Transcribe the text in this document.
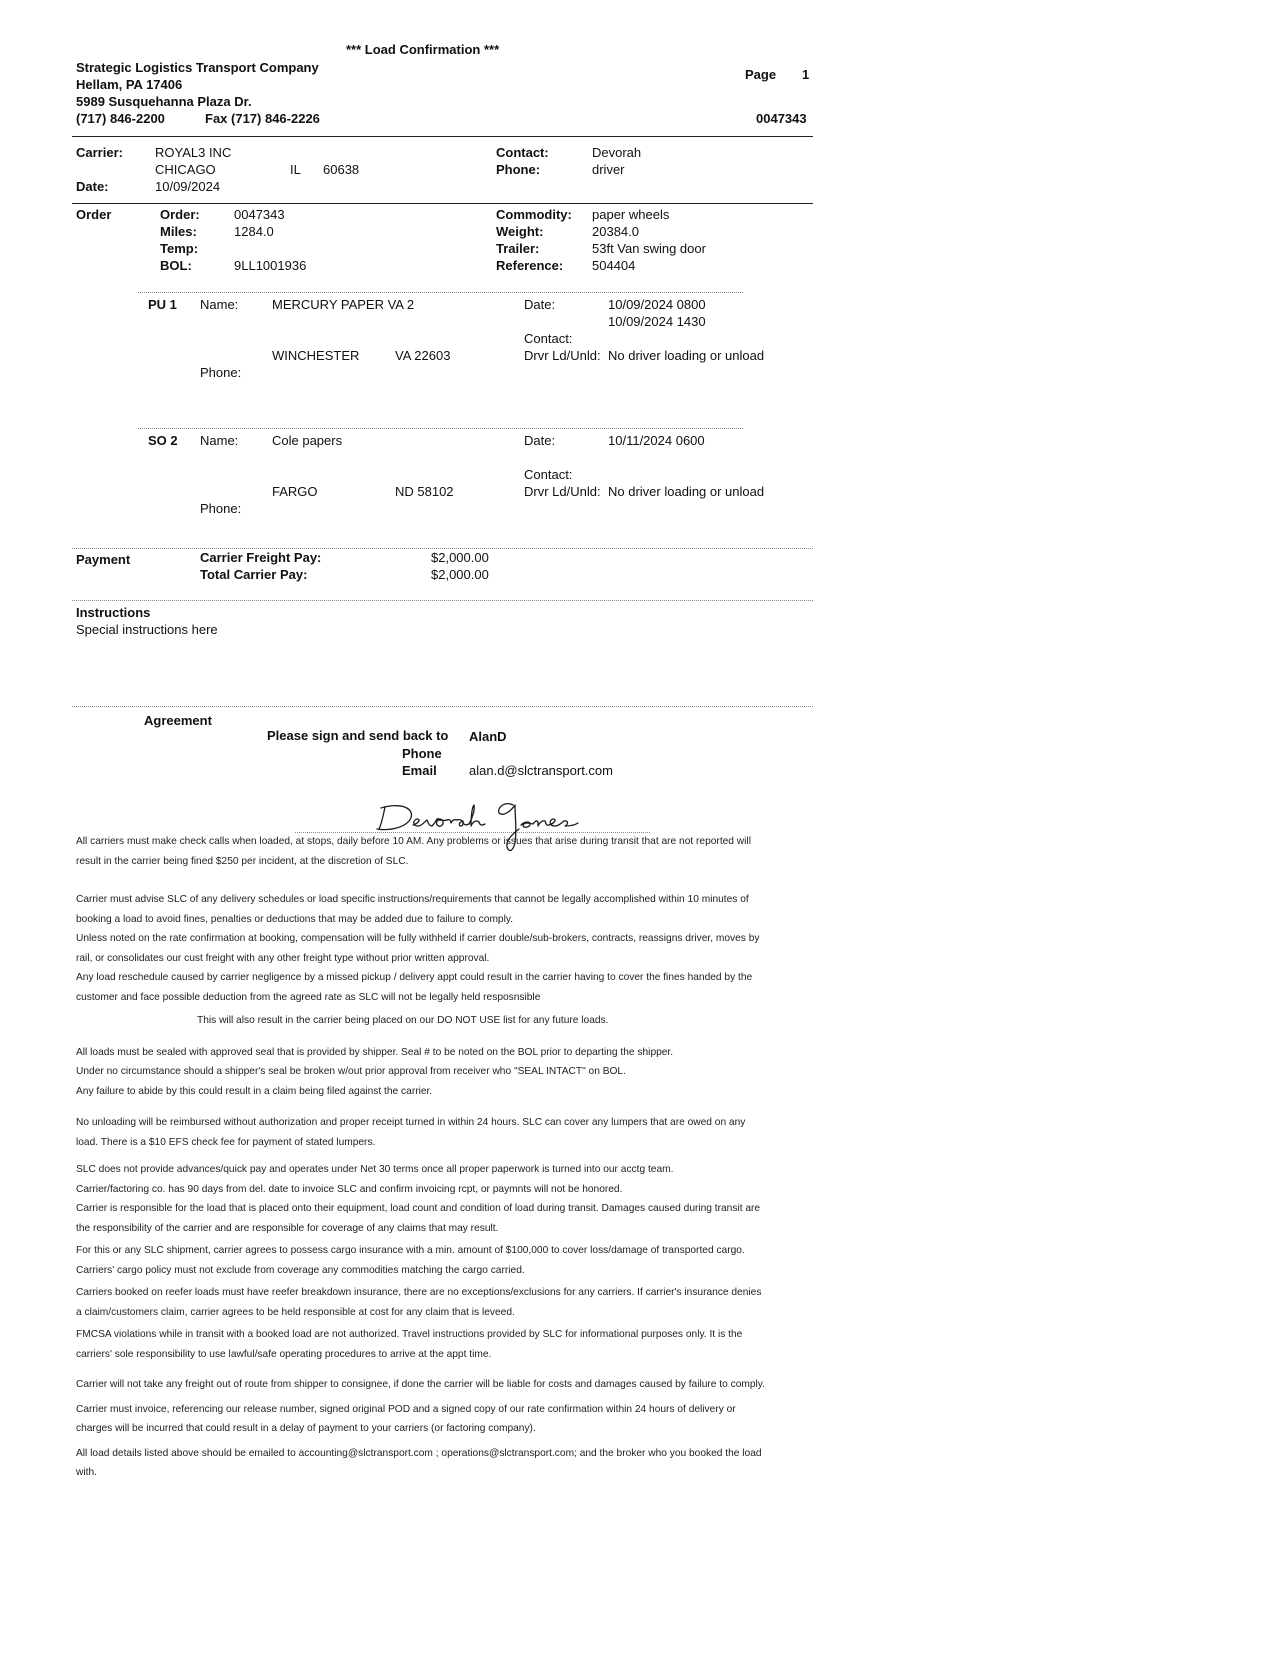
*** Load Confirmation ***
Strategic Logistics Transport Company
Hellam, PA 17406
5989 Susquehanna Plaza Dr.
(717) 846-2200	Fax (717) 846-2226
Page 1
0047343
Carrier: ROYAL3 INC
CHICAGO	IL 60638
Date:	10/09/2024
Contact:	Devorah
Phone:	driver
Order	Order:	0047343
Miles:	1284.0
Temp:
BOL:	9LL1001936
Commodity: paper wheels
Weight:	20384.0
Trailer:	53ft Van swing door
Reference: 504404
PU 1 Name:	MERCURY PAPER VA 2	Date:	10/09/2024 0800
10/09/2024 1430
Contact:
WINCHESTER	VA 22603	Drvr Ld/Unld: No driver loading or unload
Phone:
SO 2 Name:	Cole papers	Date:	10/11/2024 0600
Contact:
FARGO	ND 58102	Drvr Ld/Unld: No driver loading or unload
Phone:
Payment	Carrier Freight Pay:	$2,000.00
Total Carrier Pay:	$2,000.00
Instructions
Special instructions here
Agreement
Please sign and send back to AlanD
Phone
Email alan.d@slctransport.com

All carriers must make check calls when loaded, at stops, daily before 10 AM. Any problems or issues that arise during transit that are not reported will result in the carrier being fined $250 per incident, at the discretion of SLC.

Carrier must advise SLC of any delivery schedules or load specific instructions/requirements that cannot be legally accomplished within 10 minutes of booking a load to avoid fines, penalties or deductions that may be added due to failure to comply.

Unless noted on the rate confirmation at booking, compensation will be fully withheld if carrier double/sub-brokers, contracts, reassigns driver, moves by rail, or consolidates our cust freight with any other freight type without prior written approval.

Any load reschedule caused by carrier negligence by a missed pickup / delivery appt could result in the carrier having to cover the fines handed by the customer and face possible deduction from the agreed rate as SLC will not be legally held resposnsible

This will also result in the carrier being placed on our DO NOT USE list for any future loads.

All loads must be sealed with approved seal that is provided by shipper. Seal # to be noted on the BOL prior to departing the shipper.

Under no circumstance should a shipper's seal be broken w/out prior approval from receiver who "SEAL INTACT" on BOL.

Any failure to abide by this could result in a claim being filed against the carrier.

No unloading will be reimbursed without authorization and proper receipt turned in within 24 hours. SLC can cover any lumpers that are owed on any load. There is a $10 EFS check fee for payment of stated lumpers.

SLC does not provide advances/quick pay and operates under Net 30 terms once all proper paperwork is turned into our acctg team.

Carrier/factoring co. has 90 days from del. date to invoice SLC and confirm invoicing rcpt, or paymnts will not be honored.

Carrier is responsible for the load that is placed onto their equipment, load count and condition of load during transit. Damages caused during transit are the responsibility of the carrier and are responsible for coverage of any claims that may result.

For this or any SLC shipment, carrier agrees to possess cargo insurance with a min. amount of $100,000 to cover loss/damage of transported cargo. Carriers' cargo policy must not exclude from coverage any commodities matching the cargo carried.

Carriers booked on reefer loads must have reefer breakdown insurance, there are no exceptions/exclusions for any carriers. If carrier's insurance denies a claim/customers claim, carrier agrees to be held responsible at cost for any claim that is leveed.

FMCSA violations while in transit with a booked load are not authorized. Travel instructions provided by SLC for informational purposes only. It is the carriers' sole responsibility to use lawful/safe operating procedures to arrive at the appt time.

Carrier will not take any freight out of route from shipper to consignee, if done the carrier will be liable for costs and damages caused by failure to comply.

Carrier must invoice, referencing our release number, signed original POD and a signed copy of our rate confirmation within 24 hours of delivery or charges will be incurred that could result in a delay of payment to your carriers (or factoring company).

All load details listed above should be emailed to accounting@slctransport.com ; operations@slctransport.com; and the broker who you booked the load with.
